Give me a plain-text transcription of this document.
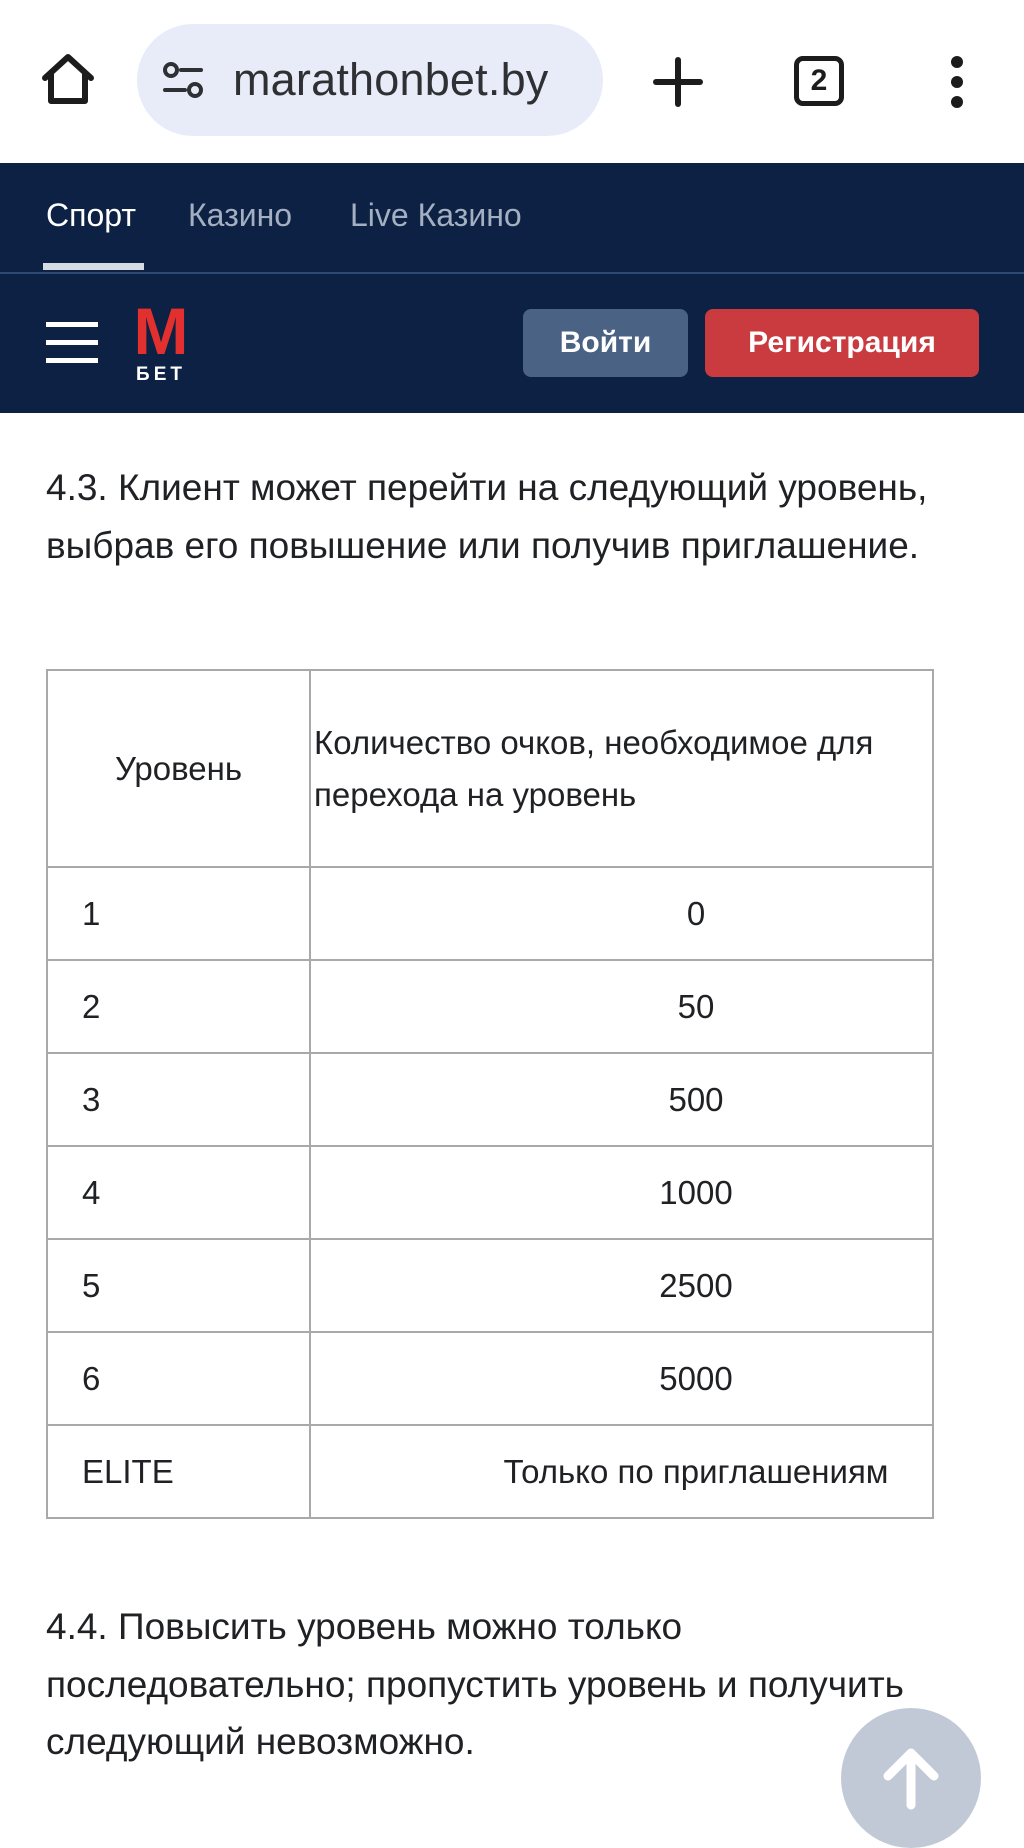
marathonbet.by	2
Спорт Казино Live Казино
M
БЕТ
Войти	Регистрация

4.3. Клиент может перейти на следующий уровень, выбрав его повышение или получив приглашение.

Уровень	Количество очков, необходимое для перехода на уровень
1	0
2	50
3	500
4	1000
5	2500
6	5000
ELITE	Только по приглашениям

4.4. Повысить уровень можно только последовательно; пропустить уровень и получить следующий невозможно.
